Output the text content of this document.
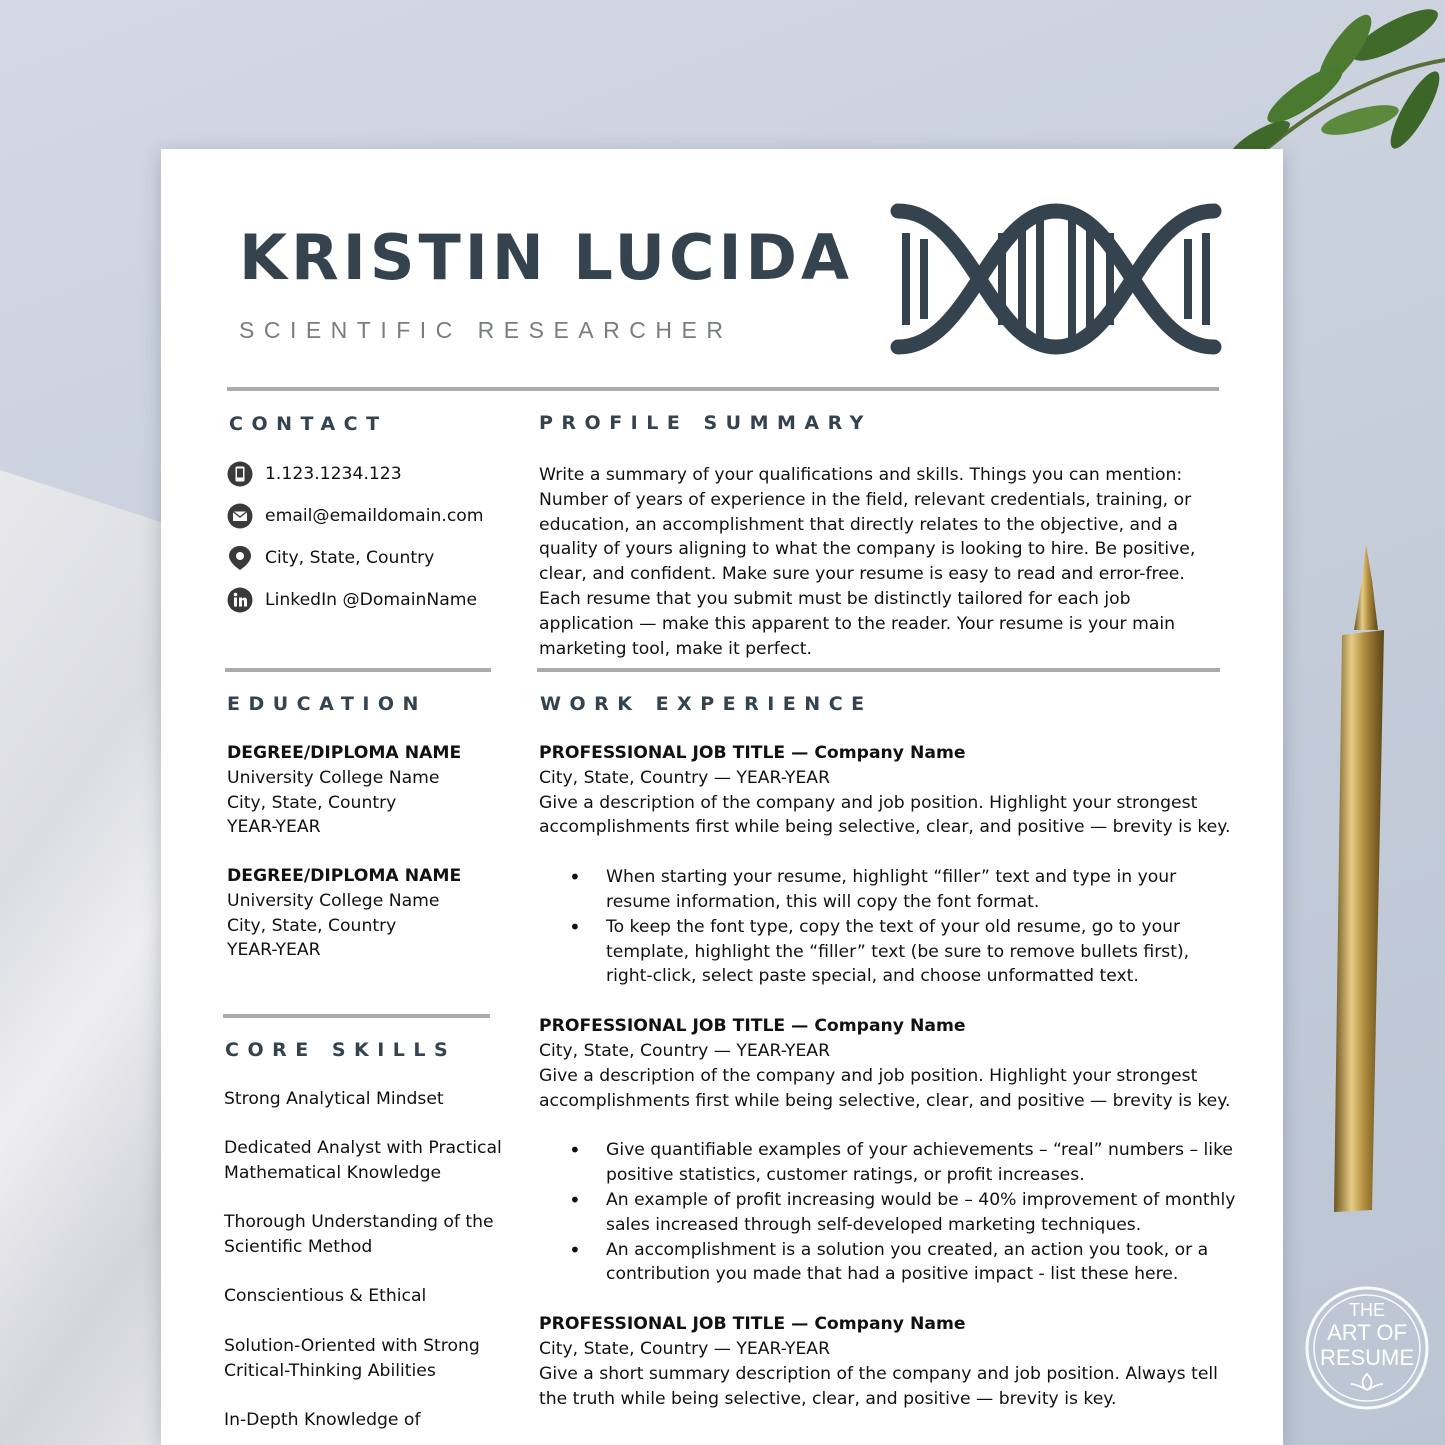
KRISTIN LUCIDA

SCIENTIFIC RESEARCHER

CONTACT
1.123.1234.123
email@emaildomain.com
City, State, Country
LinkedIn @DomainName
PROFILE SUMMARY

Write a summary of your qualifications and skills. Things you can mention: Number of years of experience in the field, relevant credentials, training, or education, an accomplishment that directly relates to the objective, and a quality of yours aligning to what the company is looking to hire. Be positive, clear, and confident. Make sure your resume is easy to read and error-free. Each resume that you submit must be distinctly tailored for each job application — make this apparent to the reader. Your resume is your main marketing tool, make it perfect.

EDUCATION
DEGREE/DIPLOMA NAME
University College Name
City, State, Country
YEAR-YEAR
DEGREE/DIPLOMA NAME
University College Name
City, State, Country
YEAR-YEAR
CORE SKILLS

Strong Analytical Mindset

Dedicated Analyst with Practical Mathematical Knowledge

Thorough Understanding of the Scientific Method

Conscientious & Ethical

Solution-Oriented with Strong Critical-Thinking Abilities

In-Depth Knowledge of

WORK EXPERIENCE

PROFESSIONAL JOB TITLE — Company Name

City, State, Country — YEAR-YEAR

Give a description of the company and job position. Highlight your strongest accomplishments first while being selective, clear, and positive — brevity is key.

• When starting your resume, highlight “filler” text and type in your resume information, this will copy the font format.
• To keep the font type, copy the text of your old resume, go to your template, highlight the “filler” text (be sure to remove bullets first), right-click, select paste special, and choose unformatted text.

PROFESSIONAL JOB TITLE — Company Name

City, State, Country — YEAR-YEAR

Give a description of the company and job position. Highlight your strongest accomplishments first while being selective, clear, and positive — brevity is key.

• Give quantifiable examples of your achievements – “real” numbers – like positive statistics, customer ratings, or profit increases.
• An example of profit increasing would be – 40% improvement of monthly sales increased through self-developed marketing techniques.
• An accomplishment is a solution you created, an action you took, or a contribution you made that had a positive impact - list these here.

PROFESSIONAL JOB TITLE — Company Name

City, State, Country — YEAR-YEAR

Give a short summary description of the company and job position. Always tell the truth while being selective, clear, and positive — brevity is key.

THE
ART OF
RESUME
